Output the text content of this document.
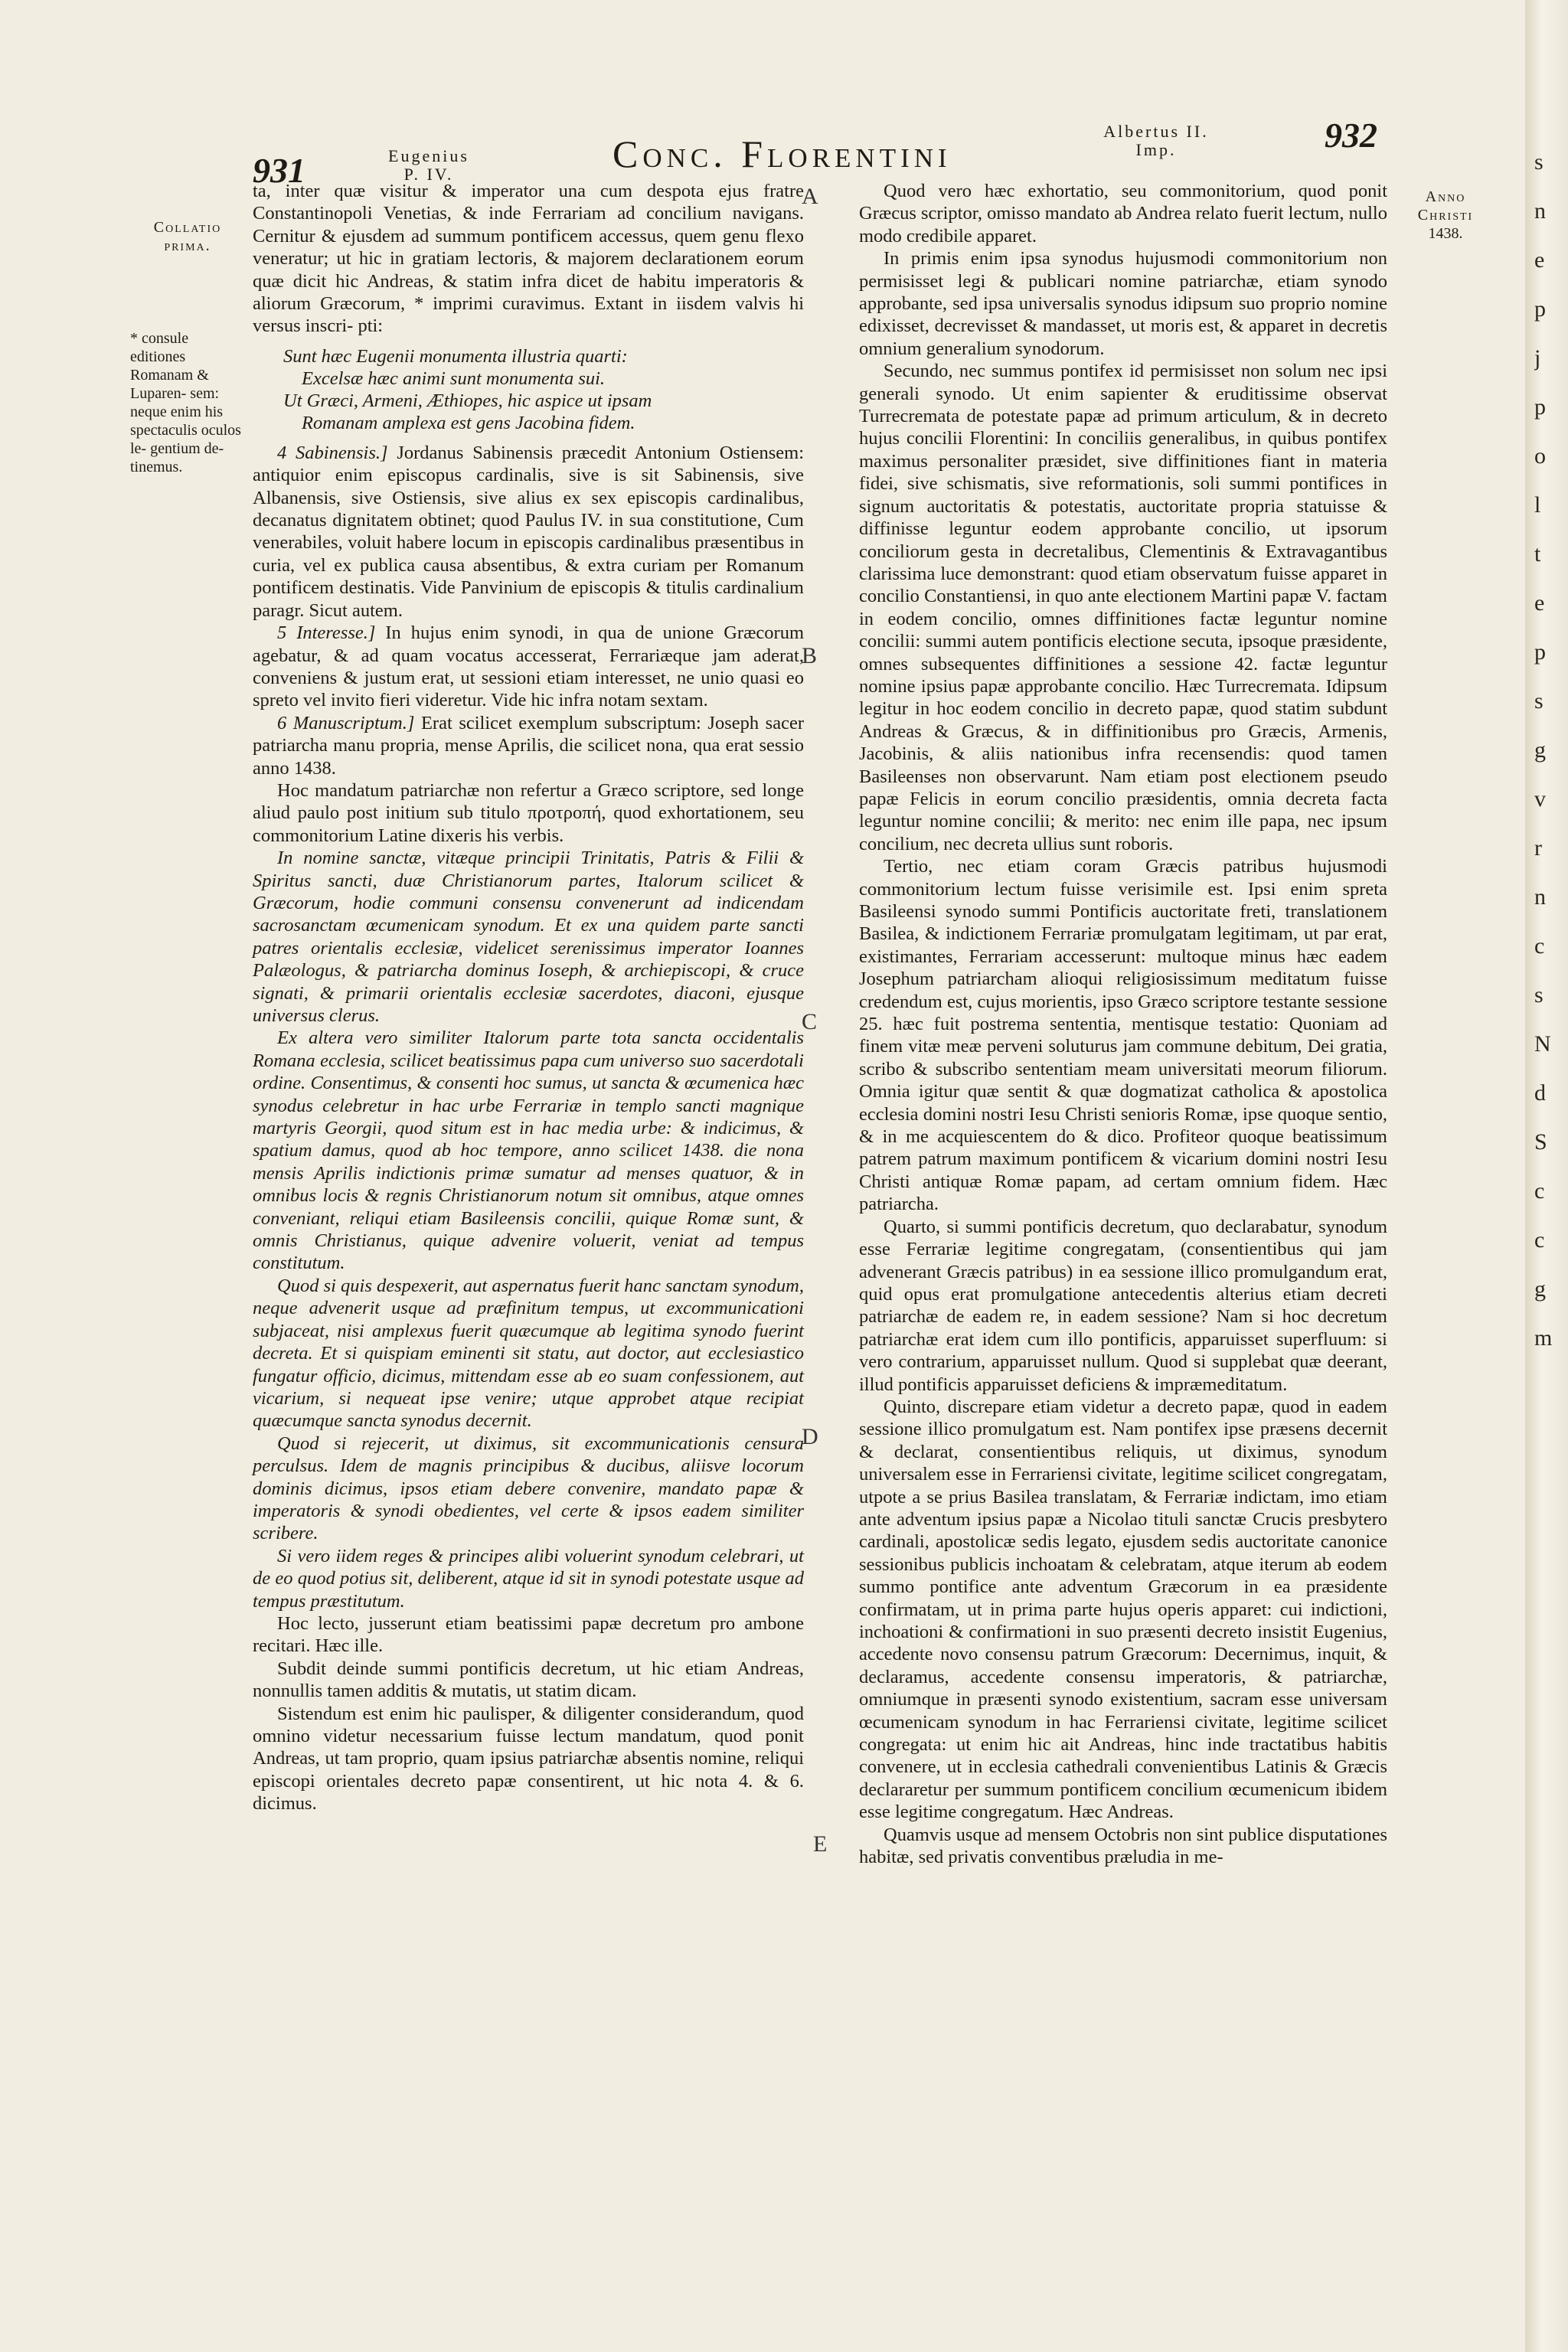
s
n
e
p
j
p
o
l
t
e
p
s
g
v
r
n
c
s
N
d
S
c
c
g
m
931	Eugenius
P. IV.	Conc. Florentini
Albertus II.
Imp.	932
Collatio
prima.
* consule editiones Romanam & Luparen- sem: neque enim his spectaculis oculos le- gentium de- tinemus.
Anno
Christi
1438.
A
B
C
D
E

ta, inter quæ visitur & imperator una cum despota ejus fratre Constantinopoli Venetias, & inde Ferrariam ad concilium navigans. Cernitur & ejusdem ad summum pontificem accessus, quem genu flexo veneratur; ut hic in gratiam lectoris, & majorem declarationem eorum quæ dicit hic Andreas, & statim infra dicet de habitu imperatoris & aliorum Græcorum, * imprimi curavimus. Extant in iisdem valvis hi versus inscri- pti:

Sunt hæc Eugenii monumenta illustria quarti:
Excelsæ hæc animi sunt monumenta sui.
Ut Græci, Armeni, Æthiopes, hic aspice ut ipsam
Romanam amplexa est gens Jacobina fidem.

4 Sabinensis.] Jordanus Sabinensis præcedit Antonium Ostiensem: antiquior enim episcopus cardinalis, sive is sit Sabinensis, sive Albanensis, sive Ostiensis, sive alius ex sex episcopis cardinalibus, decanatus dignitatem obtinet; quod Paulus IV. in sua constitutione, Cum venerabiles, voluit habere locum in episcopis cardinalibus præsentibus in curia, vel ex publica causa absentibus, & extra curiam per Romanum pontificem destinatis. Vide Panvinium de episcopis & titulis cardinalium paragr. Sicut autem.

5 Interesse.] In hujus enim synodi, in qua de unione Græcorum agebatur, & ad quam vocatus accesserat, Ferrariæque jam aderat, conveniens & justum erat, ut sessioni etiam interesset, ne unio quasi eo spreto vel invito fieri videretur. Vide hic infra notam sextam.

6 Manuscriptum.] Erat scilicet exemplum subscriptum: Joseph sacer patriarcha manu propria, mense Aprilis, die scilicet nona, qua erat sessio anno 1438.

Hoc mandatum patriarchæ non refertur a Græco scriptore, sed longe aliud paulo post initium sub titulo προτροπή, quod exhortationem, seu commonitorium Latine dixeris his verbis.

In nomine sanctæ, vitæque principii Trinitatis, Patris & Filii & Spiritus sancti, duæ Christianorum partes, Italorum scilicet & Græcorum, hodie communi consensu convenerunt ad indicendam sacrosanctam œcumenicam synodum. Et ex una quidem parte sancti patres orientalis ecclesiæ, videlicet serenissimus imperator Ioannes Palæologus, & patriarcha dominus Ioseph, & archiepiscopi, & cruce signati, & primarii orientalis ecclesiæ sacerdotes, diaconi, ejusque universus clerus.

Ex altera vero similiter Italorum parte tota sancta occidentalis Romana ecclesia, scilicet beatissimus papa cum universo suo sacerdotali ordine. Consentimus, & consenti hoc sumus, ut sancta & œcumenica hæc synodus celebretur in hac urbe Ferrariæ in templo sancti magnique martyris Georgii, quod situm est in hac media urbe: & indicimus, & spatium damus, quod ab hoc tempore, anno scilicet 1438. die nona mensis Aprilis indictionis primæ sumatur ad menses quatuor, & in omnibus locis & regnis Christianorum notum sit omnibus, atque omnes conveniant, reliqui etiam Basileensis concilii, quique Romæ sunt, & omnis Christianus, quique advenire voluerit, veniat ad tempus constitutum.

Quod si quis despexerit, aut aspernatus fuerit hanc sanctam synodum, neque advenerit usque ad præfinitum tempus, ut excommunicationi subjaceat, nisi amplexus fuerit quæcumque ab legitima synodo fuerint decreta. Et si quispiam eminenti sit statu, aut doctor, aut ecclesiastico fungatur officio, dicimus, mittendam esse ab eo suam confessionem, aut vicarium, si nequeat ipse venire; utque approbet atque recipiat quæcumque sancta synodus decernit.

Quod si rejecerit, ut diximus, sit excommunicationis censura perculsus. Idem de magnis principibus & ducibus, aliisve locorum dominis dicimus, ipsos etiam debere convenire, mandato papæ & imperatoris & synodi obedientes, vel certe & ipsos eadem similiter scribere.

Si vero iidem reges & principes alibi voluerint synodum celebrari, ut de eo quod potius sit, deliberent, atque id sit in synodi potestate usque ad tempus præstitutum.

Hoc lecto, jusserunt etiam beatissimi papæ decretum pro ambone recitari. Hæc ille.

Subdit deinde summi pontificis decretum, ut hic etiam Andreas, nonnullis tamen additis & mutatis, ut statim dicam.

Sistendum est enim hic paulisper, & diligenter considerandum, quod omnino videtur necessarium fuisse lectum mandatum, quod ponit Andreas, ut tam proprio, quam ipsius patriarchæ absentis nomine, reliqui episcopi orientales decreto papæ consentirent, ut hic nota 4. & 6. dicimus.

Quod vero hæc exhortatio, seu commonitorium, quod ponit Græcus scriptor, omisso mandato ab Andrea relato fuerit lectum, nullo modo credibile apparet.

In primis enim ipsa synodus hujusmodi commonitorium non permisisset legi & publicari nomine patriarchæ, etiam synodo approbante, sed ipsa universalis synodus idipsum suo proprio nomine edixisset, decrevisset & mandasset, ut moris est, & apparet in decretis omnium generalium synodorum.

Secundo, nec summus pontifex id permisisset non solum nec ipsi generali synodo. Ut enim sapienter & eruditissime observat Turrecremata de potestate papæ ad primum articulum, & in decreto hujus concilii Florentini: In conciliis generalibus, in quibus pontifex maximus personaliter præsidet, sive diffinitiones fiant in materia fidei, sive schismatis, sive reformationis, soli summi pontifices in signum auctoritatis & potestatis, auctoritate propria statuisse & diffinisse leguntur eodem approbante concilio, ut ipsorum conciliorum gesta in decretalibus, Clementinis & Extravagantibus clarissima luce demonstrant: quod etiam observatum fuisse apparet in concilio Constantiensi, in quo ante electionem Martini papæ V. factam in eodem concilio, omnes diffinitiones factæ leguntur nomine concilii: summi autem pontificis electione secuta, ipsoque præsidente, omnes subsequentes diffinitiones a sessione 42. factæ leguntur nomine ipsius papæ approbante concilio. Hæc Turrecremata. Idipsum legitur in hoc eodem concilio in decreto papæ, quod statim subdunt Andreas & Græcus, & in diffinitionibus pro Græcis, Armenis, Jacobinis, & aliis nationibus infra recensendis: quod tamen Basileenses non observarunt. Nam etiam post electionem pseudo papæ Felicis in eorum concilio præsidentis, omnia decreta facta leguntur nomine concilii; & merito: nec enim ille papa, nec ipsum concilium, nec decreta ullius sunt roboris.

Tertio, nec etiam coram Græcis patribus hujusmodi commonitorium lectum fuisse verisimile est. Ipsi enim spreta Basileensi synodo summi Pontificis auctoritate freti, translationem Basilea, & indictionem Ferrariæ promulgatam legitimam, ut par erat, existimantes, Ferrariam accesserunt: multoque minus hæc eadem Josephum patriarcham alioqui religiosissimum meditatum fuisse credendum est, cujus morientis, ipso Græco scriptore testante sessione 25. hæc fuit postrema sententia, mentisque testatio: Quoniam ad finem vitæ meæ perveni soluturus jam commune debitum, Dei gratia, scribo & subscribo sententiam meam universitati meorum filiorum. Omnia igitur quæ sentit & quæ dogmatizat catholica & apostolica ecclesia domini nostri Iesu Christi senioris Romæ, ipse quoque sentio, & in me acquiescentem do & dico. Profiteor quoque beatissimum patrem patrum maximum pontificem & vicarium domini nostri Iesu Christi antiquæ Romæ papam, ad certam omnium fidem. Hæc patriarcha.

Quarto, si summi pontificis decretum, quo declarabatur, synodum esse Ferrariæ legitime congregatam, (consentientibus qui jam advenerant Græcis patribus) in ea sessione illico promulgandum erat, quid opus erat promulgatione antecedentis alterius etiam decreti patriarchæ de eadem re, in eadem sessione? Nam si hoc decretum patriarchæ erat idem cum illo pontificis, apparuisset superfluum: si vero contrarium, apparuisset nullum. Quod si supplebat quæ deerant, illud pontificis apparuisset deficiens & impræmeditatum.

Quinto, discrepare etiam videtur a decreto papæ, quod in eadem sessione illico promulgatum est. Nam pontifex ipse præsens decernit & declarat, consentientibus reliquis, ut diximus, synodum universalem esse in Ferrariensi civitate, legitime scilicet congregatam, utpote a se prius Basilea translatam, & Ferrariæ indictam, imo etiam ante adventum ipsius papæ a Nicolao tituli sanctæ Crucis presbytero cardinali, apostolicæ sedis legato, ejusdem sedis auctoritate canonice sessionibus publicis inchoatam & celebratam, atque iterum ab eodem summo pontifice ante adventum Græcorum in ea præsidente confirmatam, ut in prima parte hujus operis apparet: cui indictioni, inchoationi & confirmationi in suo præsenti decreto insistit Eugenius, accedente novo consensu patrum Græcorum: Decernimus, inquit, & declaramus, accedente consensu imperatoris, & patriarchæ, omniumque in præsenti synodo existentium, sacram esse universam œcumenicam synodum in hac Ferrariensi civitate, legitime scilicet congregata: ut enim hic ait Andreas, hinc inde tractatibus habitis convenere, ut in ecclesia cathedrali convenientibus Latinis & Græcis declararetur per summum pontificem concilium œcumenicum ibidem esse legitime congregatum. Hæc Andreas.

Quamvis usque ad mensem Octobris non sint publice disputationes habitæ, sed privatis conventibus præludia in me-
